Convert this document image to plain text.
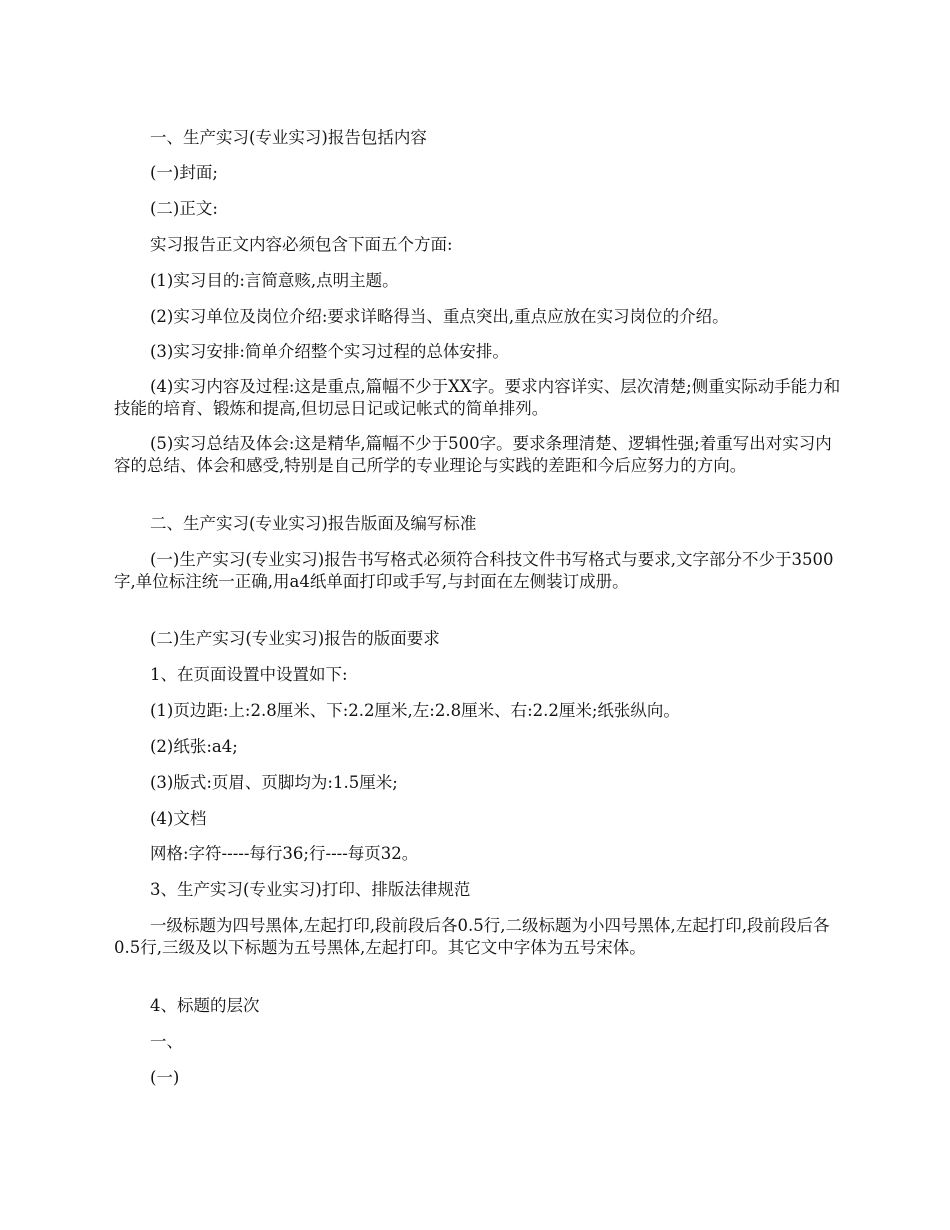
一、生产实习(专业实习)报告包括内容
(一)封面;
(二)正文:
实习报告正文内容必须包含下面五个方面:
(1)实习目的:言简意赅,点明主题。
(2)实习单位及岗位介绍:要求详略得当、重点突出,重点应放在实习岗位的介绍。
(3)实习安排:简单介绍整个实习过程的总体安排。
(4)实习内容及过程:这是重点,篇幅不少于XX字。要求内容详实、层次清楚;侧重实际动手能力和技能的培育、锻炼和提高,但切忌日记或记帐式的简单排列。
(5)实习总结及体会:这是精华,篇幅不少于500字。要求条理清楚、逻辑性强;着重写出对实习内容的总结、体会和感受,特别是自己所学的专业理论与实践的差距和今后应努力的方向。
二、生产实习(专业实习)报告版面及编写标准
(一)生产实习(专业实习)报告书写格式必须符合科技文件书写格式与要求,文字部分不少于3500字,单位标注统一正确,用a4纸单面打印或手写,与封面在左侧装订成册。
(二)生产实习(专业实习)报告的版面要求
1、在页面设置中设置如下:
(1)页边距:上:2.8厘米、下:2.2厘米,左:2.8厘米、右:2.2厘米;纸张纵向。
(2)纸张:a4;
(3)版式:页眉、页脚均为:1.5厘米;
(4)文档
网格:字符-----每行36;行----每页32。
3、生产实习(专业实习)打印、排版法律规范
一级标题为四号黑体,左起打印,段前段后各0.5行,二级标题为小四号黑体,左起打印,段前段后各0.5行,三级及以下标题为五号黑体,左起打印。其它文中字体为五号宋体。
4、标题的层次
一、
(一)
